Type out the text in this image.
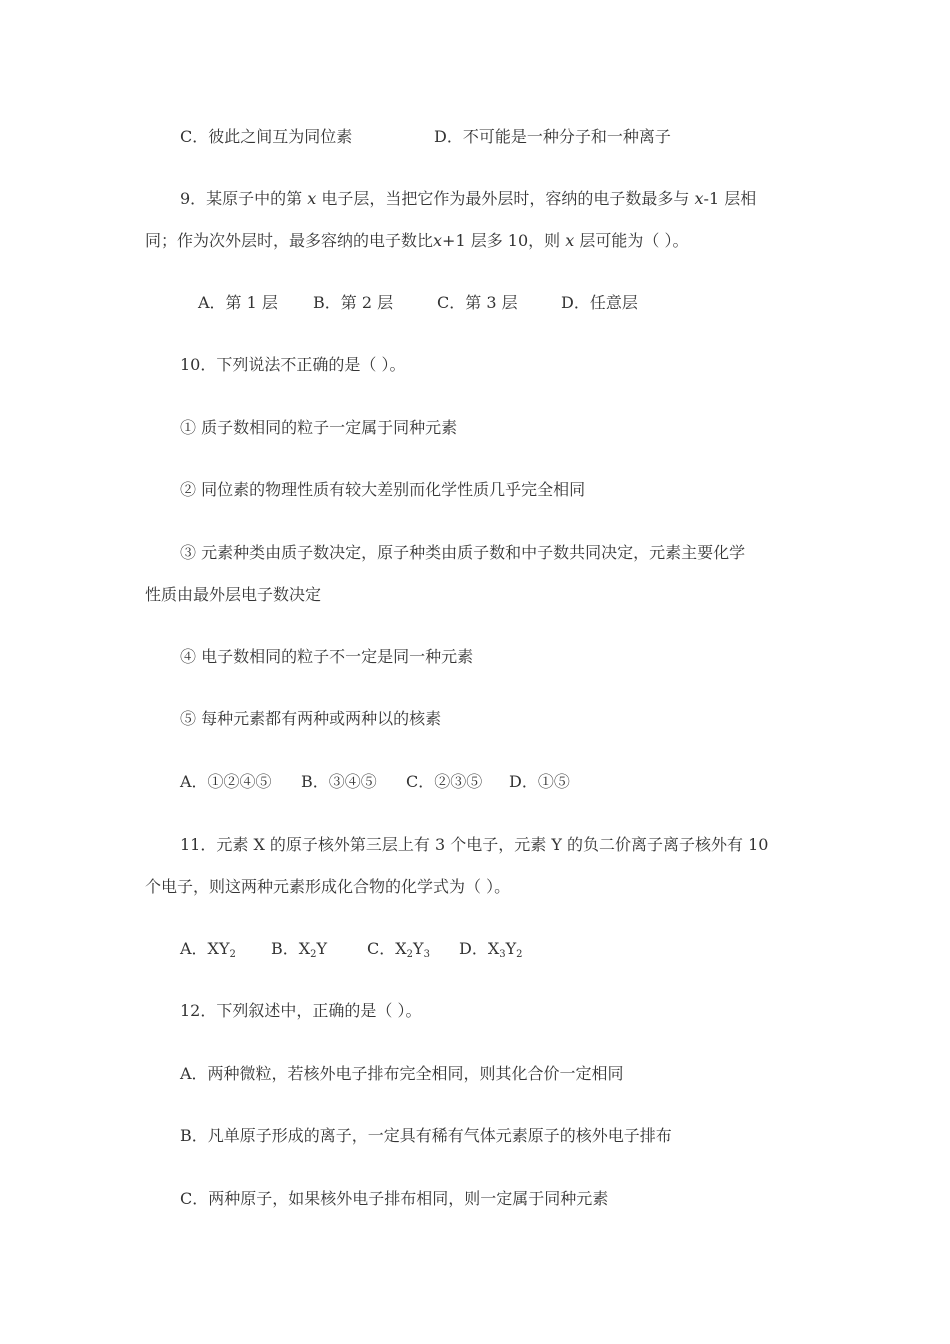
C．彼此之间互为同位素	D．不可能是一种分子和一种离子
9．某原子中的第 x 电子层，当把它作为最外层时，容纳的电子数最多与 x-1 层相
同；作为次外层时，最多容纳的电子数比x+1 层多 10，则 x 层可能为（ ）。
A．第 1 层 B．第 2 层	C．第 3 层	D．任意层
10．下列说法不正确的是（ ）。
① 质子数相同的粒子一定属于同种元素
② 同位素的物理性质有较大差别而化学性质几乎完全相同
③ 元素种类由质子数决定，原子种类由质子数和中子数共同决定，元素主要化学
性质由最外层电子数决定
④ 电子数相同的粒子不一定是同一种元素
⑤ 每种元素都有两种或两种以的核素
A．①②④⑤ B．③④⑤ C．②③⑤ D．①⑤
11．元素 X 的原子核外第三层上有 3 个电子，元素 Y 的负二价离子离子核外有 10
个电子，则这两种元素形成化合物的化学式为（ ）。
A．$XY_2$ B．$X_2Y$ C．$X_2Y_3$ D．$X_3Y_2$
12．下列叙述中，正确的是（ ）。
A．两种微粒，若核外电子排布完全相同，则其化合价一定相同
B．凡单原子形成的离子，一定具有稀有气体元素原子的核外电子排布
C．两种原子，如果核外电子排布相同，则一定属于同种元素
